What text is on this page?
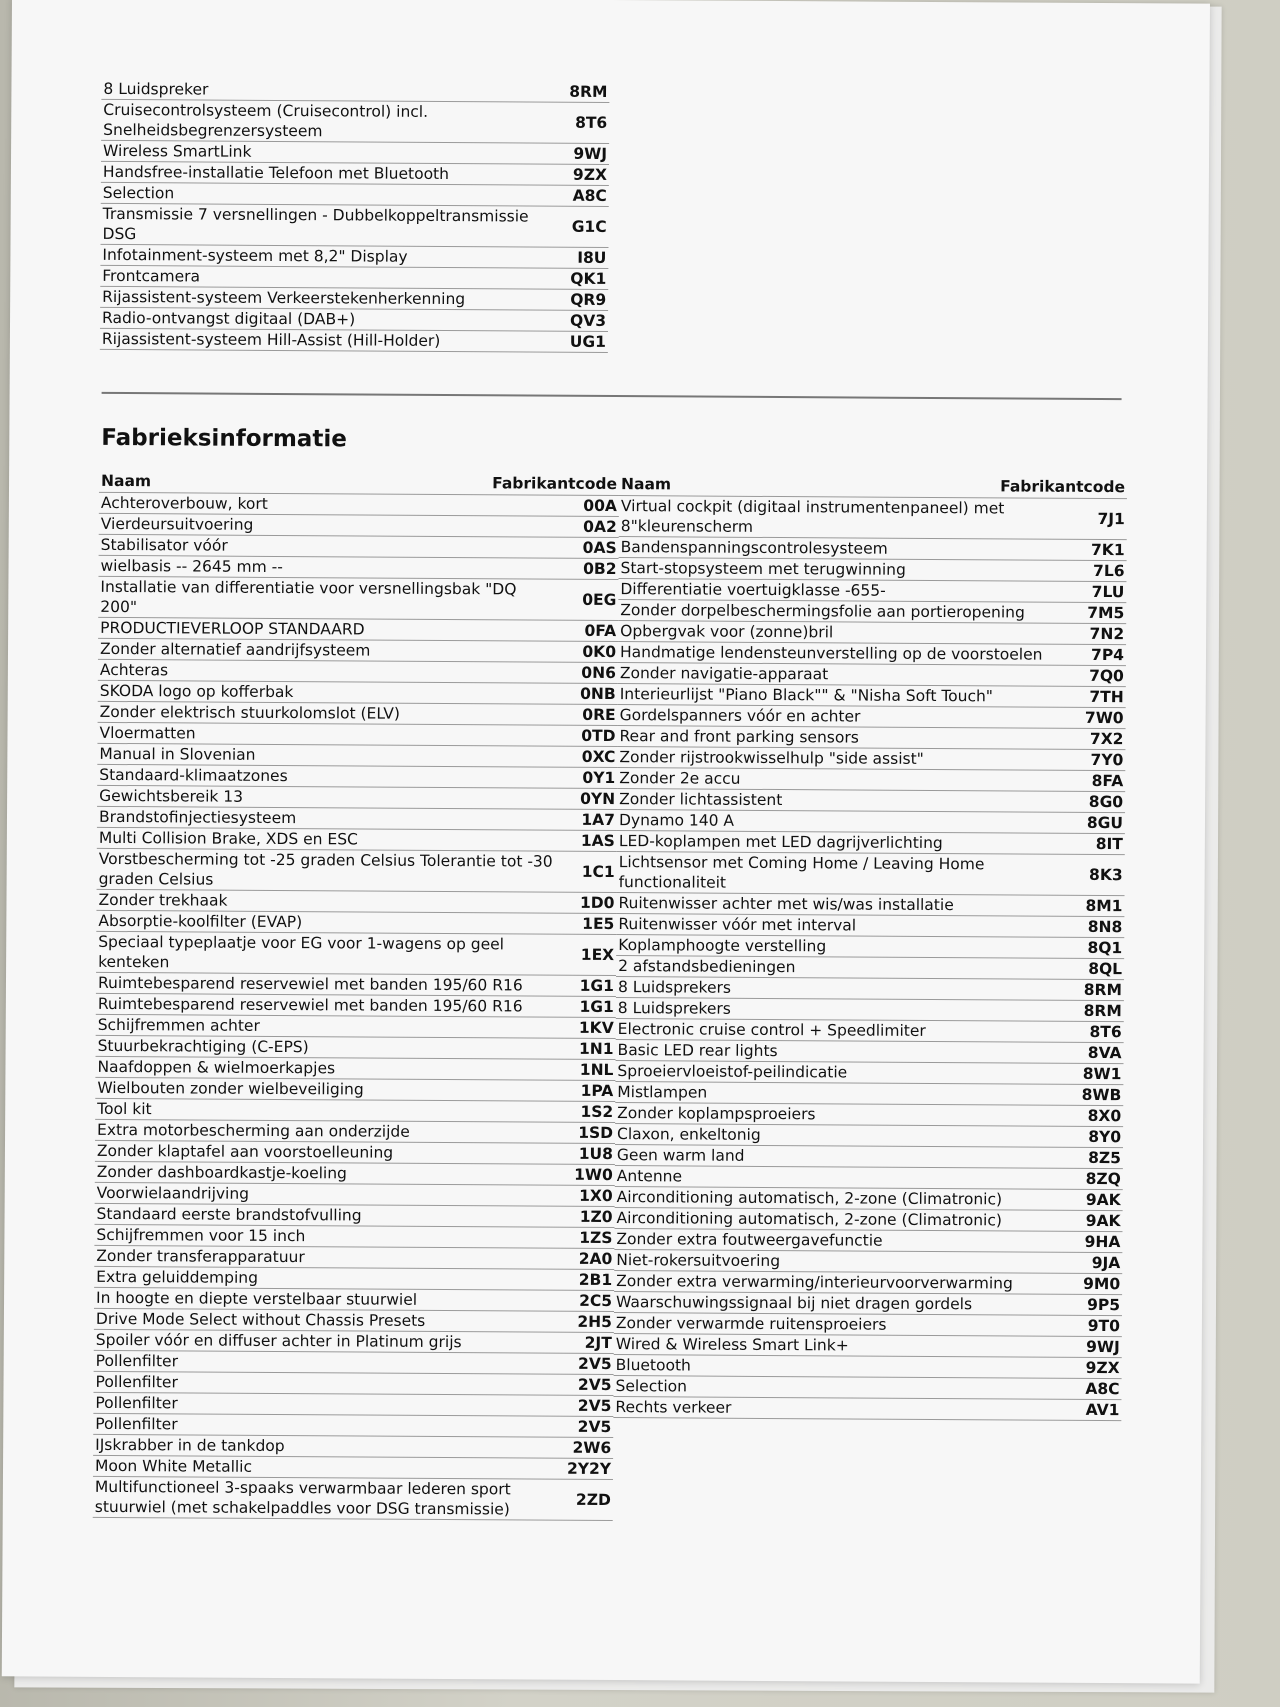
8 Luidspreker	8RM
Cruisecontrolsysteem (Cruisecontrol) incl. Snelheidsbegrenzersysteem	8T6
Wireless SmartLink	9WJ
Handsfree-installatie Telefoon met Bluetooth	9ZX
Selection	A8C
Transmissie 7 versnellingen - Dubbelkoppeltransmissie DSG	G1C
Infotainment-systeem met 8,2" Display	I8U
Frontcamera	QK1
Rijassistent-systeem Verkeerstekenherkenning	QR9
Radio-ontvangst digitaal (DAB+)	QV3
Rijassistent-systeem Hill-Assist (Hill-Holder)	UG1
Fabrieksinformatie
Naam	Fabrikantcode
Achteroverbouw, kort	00A
Vierdeursuitvoering	0A2
Stabilisator vóór	0AS
wielbasis -- 2645 mm --	0B2
Installatie van differentiatie voor versnellingsbak "DQ 200"	0EG
PRODUCTIEVERLOOP STANDAARD	0FA
Zonder alternatief aandrijfsysteem	0K0
Achteras	0N6
SKODA logo op kofferbak	0NB
Zonder elektrisch stuurkolomslot (ELV)	0RE
Vloermatten	0TD
Manual in Slovenian	0XC
Standaard-klimaatzones	0Y1
Gewichtsbereik 13	0YN
Brandstofinjectiesysteem	1A7
Multi Collision Brake, XDS en ESC	1AS
Vorstbescherming tot -25 graden Celsius Tolerantie tot -30 graden Celsius	1C1
Zonder trekhaak	1D0
Absorptie-koolfilter (EVAP)	1E5
Speciaal typeplaatje voor EG voor 1-wagens op geel kenteken	1EX
Ruimtebesparend reservewiel met banden 195/60 R16	1G1
Ruimtebesparend reservewiel met banden 195/60 R16	1G1
Schijfremmen achter	1KV
Stuurbekrachtiging (C-EPS)	1N1
Naafdoppen & wielmoerkapjes	1NL
Wielbouten zonder wielbeveiliging	1PA
Tool kit	1S2
Extra motorbescherming aan onderzijde	1SD
Zonder klaptafel aan voorstoelleuning	1U8
Zonder dashboardkastje-koeling	1W0
Voorwielaandrijving	1X0
Standaard eerste brandstofvulling	1Z0
Schijfremmen voor 15 inch	1ZS
Zonder transferapparatuur	2A0
Extra geluiddemping	2B1
In hoogte en diepte verstelbaar stuurwiel	2C5
Drive Mode Select without Chassis Presets	2H5
Spoiler vóór en diffuser achter in Platinum grijs	2JT
Pollenfilter	2V5
Pollenfilter	2V5
Pollenfilter	2V5
Pollenfilter	2V5
IJskrabber in de tankdop	2W6
Moon White Metallic	2Y2Y
Multifunctioneel 3-spaaks verwarmbaar lederen sport stuurwiel (met schakelpaddles voor DSG transmissie)	2ZD
Naam	Fabrikantcode
Virtual cockpit (digitaal instrumentenpaneel) met 8"kleurenscherm	7J1
Bandenspanningscontrolesysteem	7K1
Start-stopsysteem met terugwinning	7L6
Differentiatie voertuigklasse -655-	7LU
Zonder dorpelbeschermingsfolie aan portieropening	7M5
Opbergvak voor (zonne)bril	7N2
Handmatige lendensteunverstelling op de voorstoelen	7P4
Zonder navigatie-apparaat	7Q0
Interieurlijst "Piano Black"" & "Nisha Soft Touch"	7TH
Gordelspanners vóór en achter	7W0
Rear and front parking sensors	7X2
Zonder rijstrookwisselhulp "side assist"	7Y0
Zonder 2e accu	8FA
Zonder lichtassistent	8G0
Dynamo 140 A	8GU
LED-koplampen met LED dagrijverlichting	8IT
Lichtsensor met Coming Home / Leaving Home functionaliteit	8K3
Ruitenwisser achter met wis/was installatie	8M1
Ruitenwisser vóór met interval	8N8
Koplamphoogte verstelling	8Q1
2 afstandsbedieningen	8QL
8 Luidsprekers	8RM
8 Luidsprekers	8RM
Electronic cruise control + Speedlimiter	8T6
Basic LED rear lights	8VA
Sproeiervloeistof-peilindicatie	8W1
Mistlampen	8WB
Zonder koplampsproeiers	8X0
Claxon, enkeltonig	8Y0
Geen warm land	8Z5
Antenne	8ZQ
Airconditioning automatisch, 2-zone (Climatronic)	9AK
Airconditioning automatisch, 2-zone (Climatronic)	9AK
Zonder extra foutweergavefunctie	9HA
Niet-rokersuitvoering	9JA
Zonder extra verwarming/interieurvoorverwarming	9M0
Waarschuwingssignaal bij niet dragen gordels	9P5
Zonder verwarmde ruitensproeiers	9T0
Wired & Wireless Smart Link+	9WJ
Bluetooth	9ZX
Selection	A8C
Rechts verkeer	AV1
